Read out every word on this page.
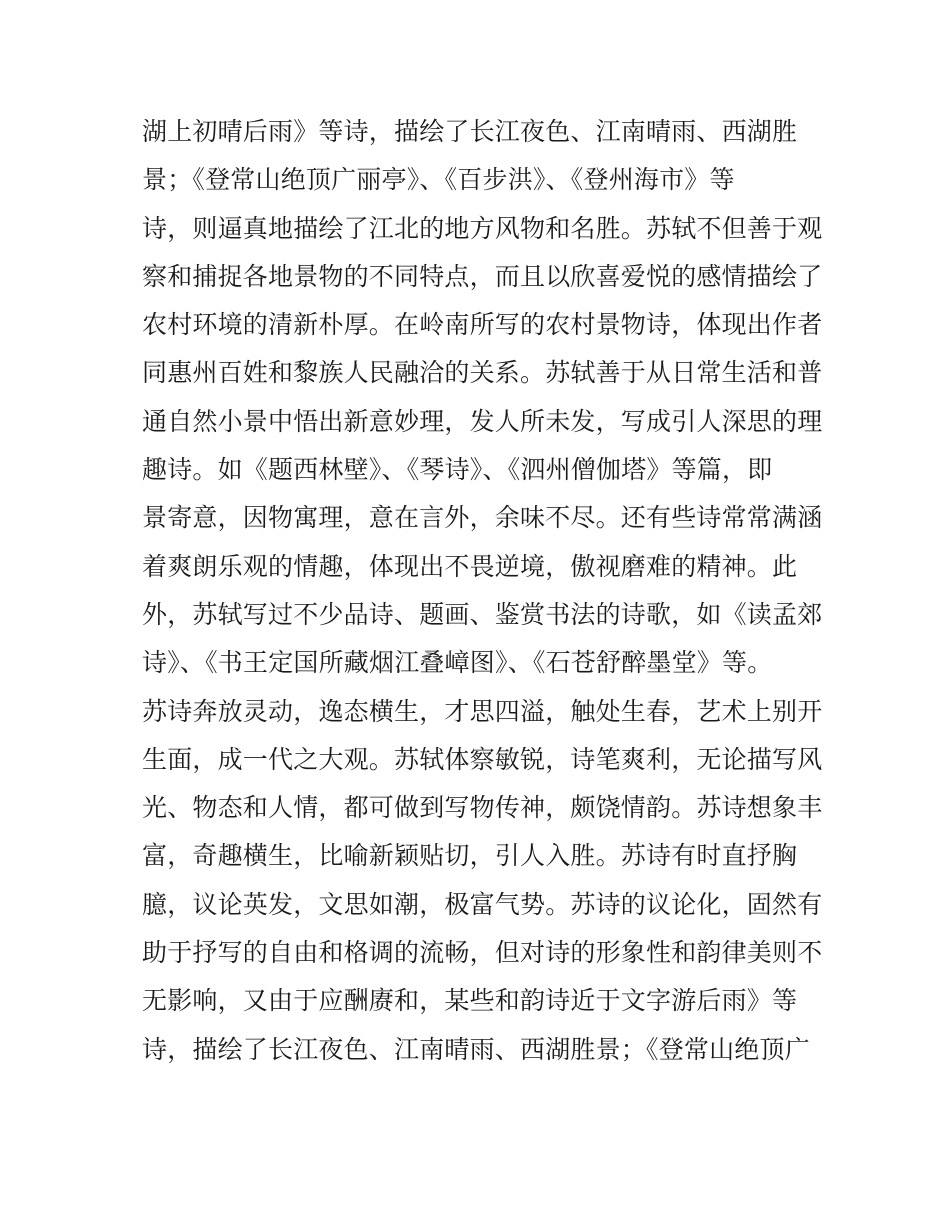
湖上初晴后雨》等诗，描绘了长江夜色、江南晴雨、西湖胜
景；《登常山绝顶广丽亭》、《百步洪》、《登州海市》等
诗，则逼真地描绘了江北的地方风物和名胜。苏轼不但善于观
察和捕捉各地景物的不同特点，而且以欣喜爱悦的感情描绘了
农村环境的清新朴厚。在岭南所写的农村景物诗，体现出作者
同惠州百姓和黎族人民融洽的关系。苏轼善于从日常生活和普
通自然小景中悟出新意妙理，发人所未发，写成引人深思的理
趣诗。如《题西林壁》、《琴诗》、《泗州僧伽塔》等篇，即
景寄意，因物寓理，意在言外，余味不尽。还有些诗常常满涵
着爽朗乐观的情趣，体现出不畏逆境，傲视磨难的精神。此
外，苏轼写过不少品诗、题画、鉴赏书法的诗歌，如《读孟郊
诗》、《书王定国所藏烟江叠嶂图》、《石苍舒醉墨堂》等。
苏诗奔放灵动，逸态横生，才思四溢，触处生春，艺术上别开
生面，成一代之大观。苏轼体察敏锐，诗笔爽利，无论描写风
光、物态和人情，都可做到写物传神，颇饶情韵。苏诗想象丰
富，奇趣横生，比喻新颖贴切，引人入胜。苏诗有时直抒胸
臆，议论英发，文思如潮，极富气势。苏诗的议论化，固然有
助于抒写的自由和格调的流畅，但对诗的形象性和韵律美则不
无影响，又由于应酬赓和，某些和韵诗近于文字游后雨》等
诗，描绘了长江夜色、江南晴雨、西湖胜景；《登常山绝顶广
